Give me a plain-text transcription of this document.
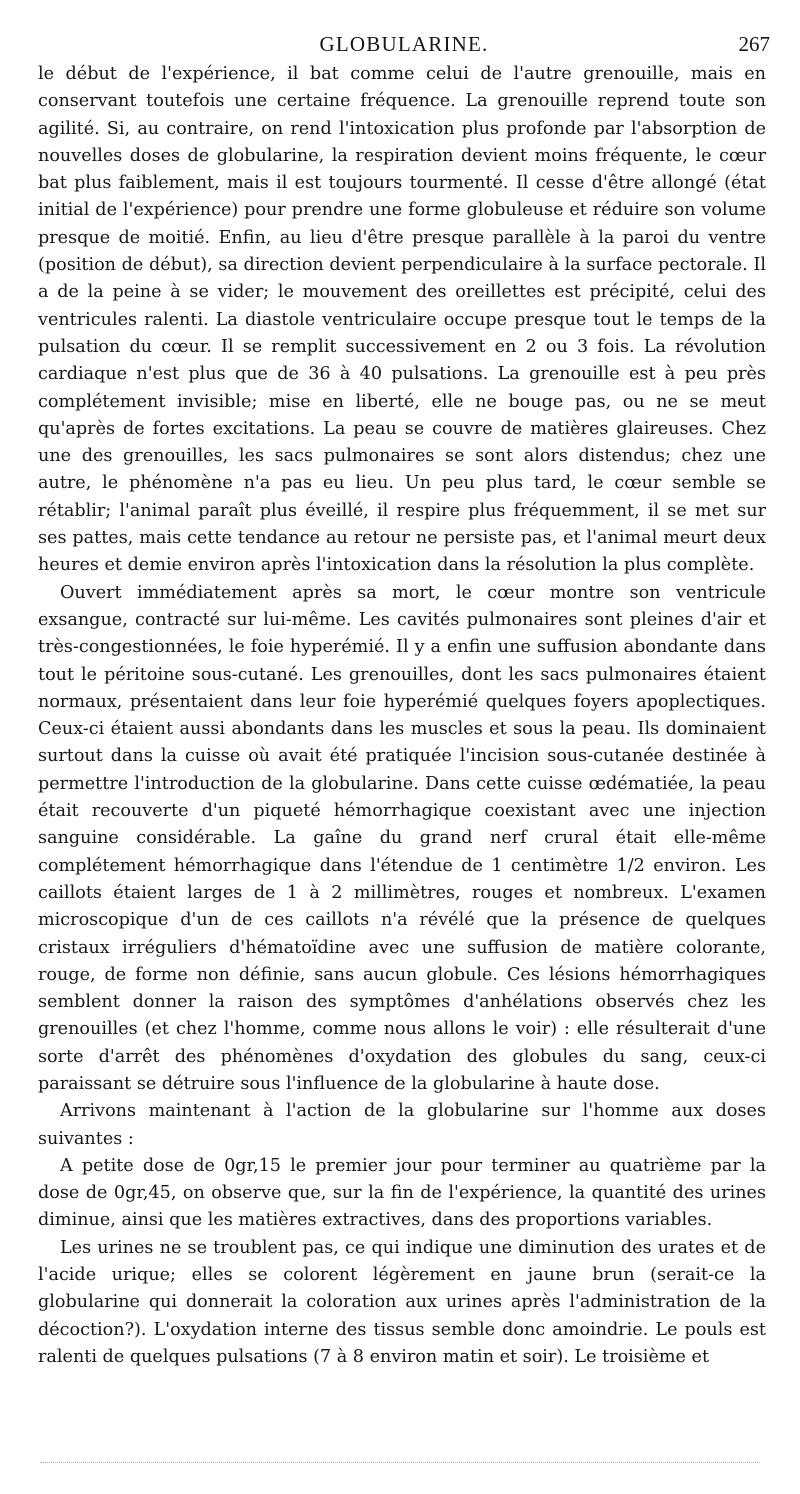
GLOBULARINE.	267

le début de l'expérience, il bat comme celui de l'autre grenouille, mais en conservant toutefois une certaine fréquence. La grenouille reprend toute son agilité. Si, au contraire, on rend l'intoxication plus profonde par l'absorption de nouvelles doses de globularine, la respiration devient moins fréquente, le cœur bat plus faiblement, mais il est toujours tourmenté. Il cesse d'être allongé (état initial de l'expérience) pour prendre une forme globuleuse et réduire son volume presque de moitié. Enfin, au lieu d'être presque parallèle à la paroi du ventre (position de début), sa direction devient perpendiculaire à la surface pectorale. Il a de la peine à se vider; le mouvement des oreillettes est précipité, celui des ventricules ralenti. La diastole ventriculaire occupe presque tout le temps de la pulsation du cœur. Il se remplit successivement en 2 ou 3 fois. La révolution cardiaque n'est plus que de 36 à 40 pulsations. La grenouille est à peu près complétement invisible; mise en liberté, elle ne bouge pas, ou ne se meut qu'après de fortes excitations. La peau se couvre de matières glaireuses. Chez une des grenouilles, les sacs pulmonaires se sont alors distendus; chez une autre, le phénomène n'a pas eu lieu. Un peu plus tard, le cœur semble se rétablir; l'animal paraît plus éveillé, il respire plus fréquemment, il se met sur ses pattes, mais cette tendance au retour ne persiste pas, et l'animal meurt deux heures et demie environ après l'intoxication dans la résolution la plus complète.

Ouvert immédiatement après sa mort, le cœur montre son ventricule exsangue, contracté sur lui-même. Les cavités pulmonaires sont pleines d'air et très-congestionnées, le foie hyperémié. Il y a enfin une suffusion abondante dans tout le péritoine sous-cutané. Les grenouilles, dont les sacs pulmonaires étaient normaux, présentaient dans leur foie hyperémié quelques foyers apoplectiques. Ceux-ci étaient aussi abondants dans les muscles et sous la peau. Ils dominaient surtout dans la cuisse où avait été pratiquée l'incision sous-cutanée destinée à permettre l'introduction de la globularine. Dans cette cuisse œdématiée, la peau était recouverte d'un piqueté hémorrhagique coexistant avec une injection sanguine considérable. La gaîne du grand nerf crural était elle-même complétement hémorrhagique dans l'étendue de 1 centimètre 1/2 environ. Les caillots étaient larges de 1 à 2 millimètres, rouges et nombreux. L'examen microscopique d'un de ces caillots n'a révélé que la présence de quelques cristaux irréguliers d'hématoïdine avec une suffusion de matière colorante, rouge, de forme non définie, sans aucun globule. Ces lésions hémorrhagiques semblent donner la raison des symptômes d'anhélations observés chez les grenouilles (et chez l'homme, comme nous allons le voir) : elle résulterait d'une sorte d'arrêt des phénomènes d'oxydation des globules du sang, ceux-ci paraissant se détruire sous l'influence de la globularine à haute dose.

Arrivons maintenant à l'action de la globularine sur l'homme aux doses suivantes :

A petite dose de 0gr,15 le premier jour pour terminer au quatrième par la dose de 0gr,45, on observe que, sur la fin de l'expérience, la quantité des urines diminue, ainsi que les matières extractives, dans des proportions variables.

Les urines ne se troublent pas, ce qui indique une diminution des urates et de l'acide urique; elles se colorent légèrement en jaune brun (serait-ce la globularine qui donnerait la coloration aux urines après l'administration de la décoction?). L'oxydation interne des tissus semble donc amoindrie. Le pouls est ralenti de quelques pulsations (7 à 8 environ matin et soir). Le troisième et
